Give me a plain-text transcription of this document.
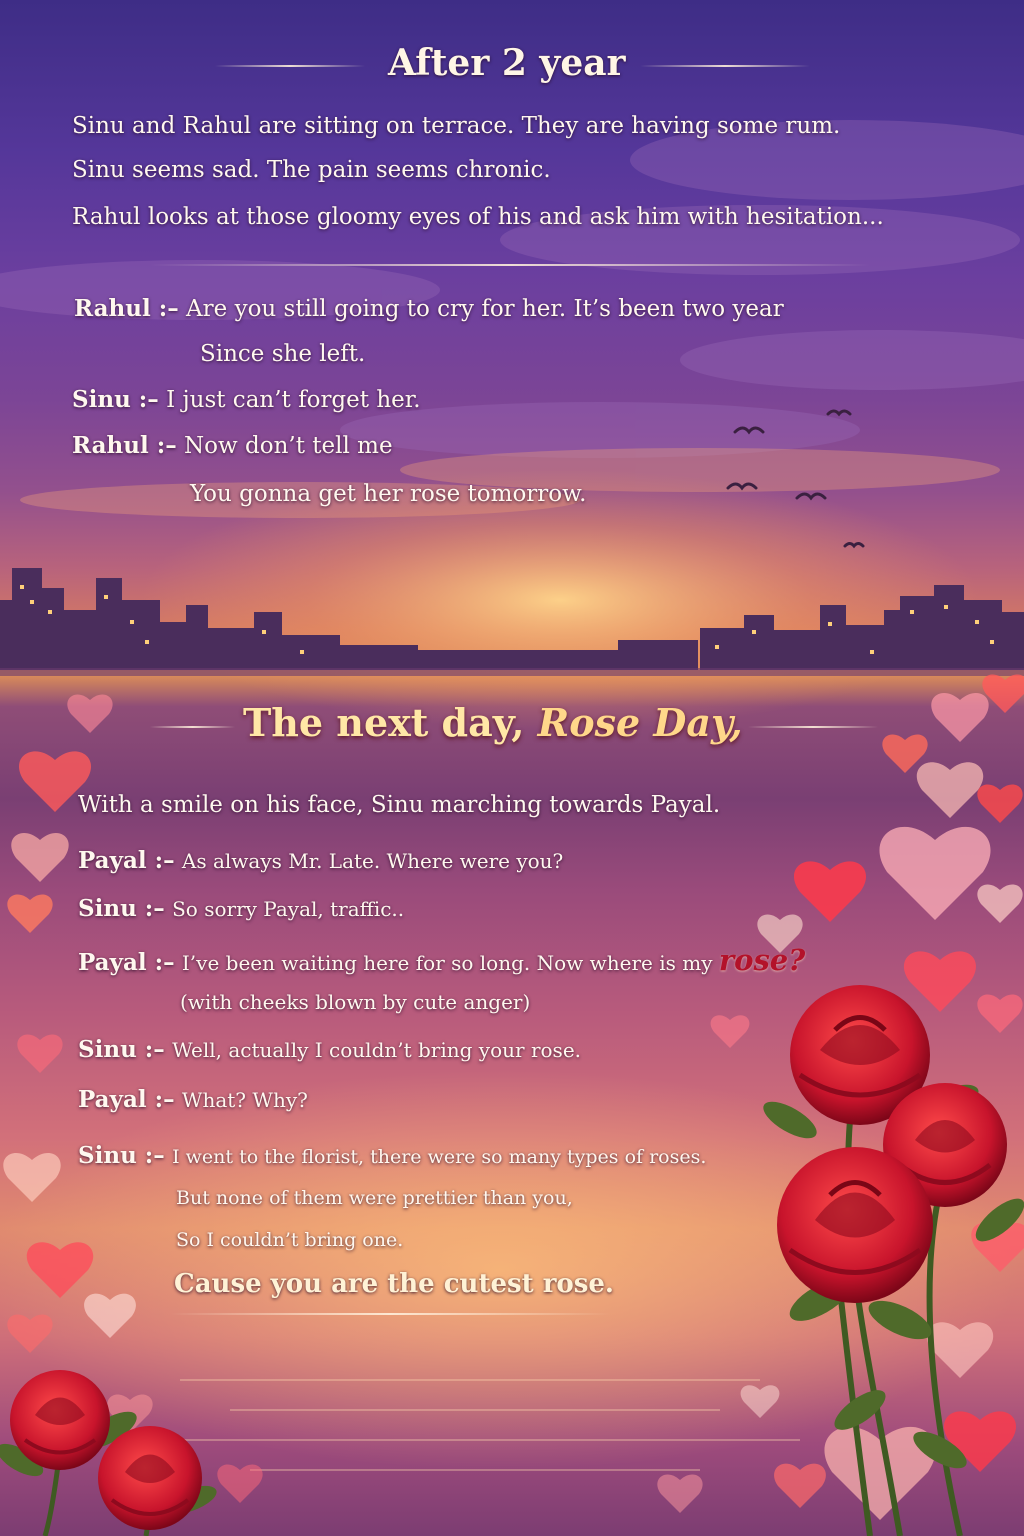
After 2 year
Sinu and Rahul are sitting on terrace. They are having some rum.
Sinu seems sad. The pain seems chronic.
Rahul looks at those gloomy eyes of his and ask him with hesitation...
Rahul :– Are you still going to cry for her. It’s been two year
Since she left.
Sinu :– I just can’t forget her.
Rahul :– Now don’t tell me
You gonna get her rose tomorrow.
The next day, Rose Day,
With a smile on his face, Sinu marching towards Payal.
Payal :– As always Mr. Late. Where were you?
Sinu :– So sorry Payal, traffic..
Payal :– I’ve been waiting here for so long. Now where is my rose?
(with cheeks blown by cute anger)
Sinu :– Well, actually I couldn’t bring your rose.
Payal :– What? Why?
Sinu :– I went to the florist, there were so many types of roses.
But none of them were prettier than you,
So I couldn’t bring one.
Cause you are the cutest rose.
